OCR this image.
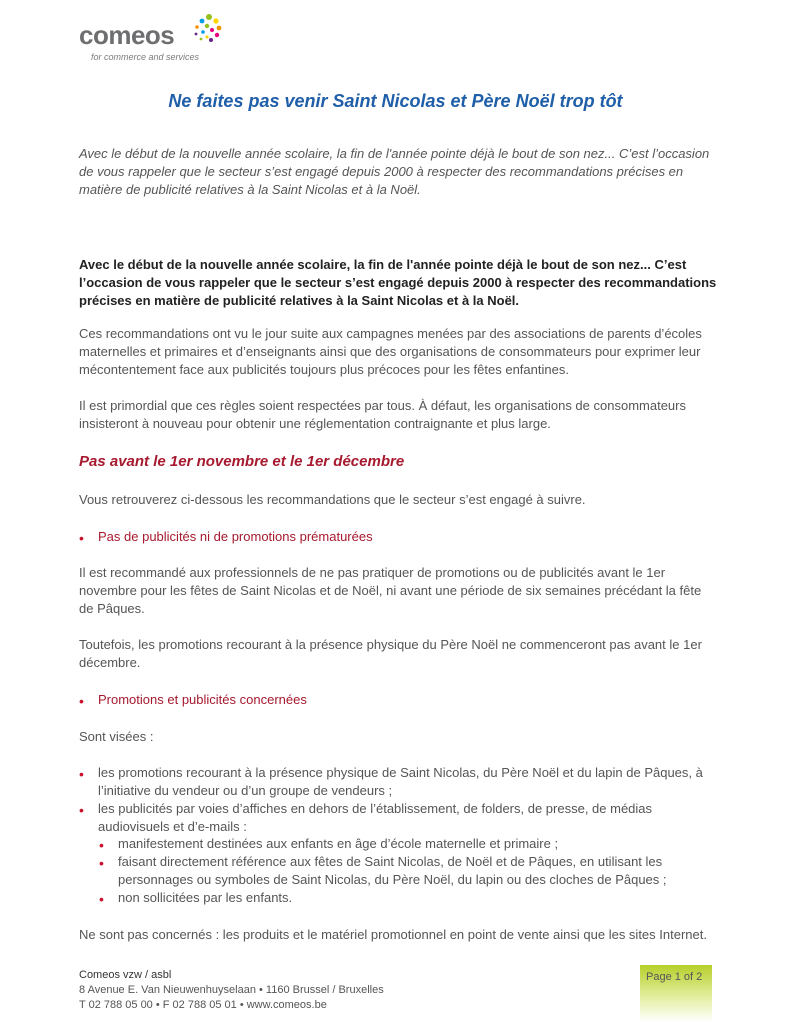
comeos
for commerce and services
Ne faites pas venir Saint Nicolas et Père Noël trop tôt

Avec le début de la nouvelle année scolaire, la fin de l'année pointe déjà le bout de son nez... C’est l’occasion de vous rappeler que le secteur s’est engagé depuis 2000 à respecter des recommandations précises en matière de publicité relatives à la Saint Nicolas et à la Noël.

Avec le début de la nouvelle année scolaire, la fin de l'année pointe déjà le bout de son nez... C’est l’occasion de vous rappeler que le secteur s’est engagé depuis 2000 à respecter des recommandations précises en matière de publicité relatives à la Saint Nicolas et à la Noël.

Ces recommandations ont vu le jour suite aux campagnes menées par des associations de parents d’écoles maternelles et primaires et d’enseignants ainsi que des organisations de consommateurs pour exprimer leur mécontentement face aux publicités toujours plus précoces pour les fêtes enfantines.

Il est primordial que ces règles soient respectées par tous. À défaut, les organisations de consommateurs insisteront à nouveau pour obtenir une réglementation contraignante et plus large.

Pas avant le 1er novembre et le 1er décembre

Vous retrouverez ci-dessous les recommandations que le secteur s’est engagé à suivre.

• Pas de publicités ni de promotions prématurées

Il est recommandé aux professionnels de ne pas pratiquer de promotions ou de publicités avant le 1er novembre pour les fêtes de Saint Nicolas et de Noël, ni avant une période de six semaines précédant la fête de Pâques.

Toutefois, les promotions recourant à la présence physique du Père Noël ne commenceront pas avant le 1er décembre.

• Promotions et publicités concernées

Sont visées :

• les promotions recourant à la présence physique de Saint Nicolas, du Père Noël et du lapin de Pâques, à l’initiative du vendeur ou d’un groupe de vendeurs ;
• les publicités par voies d’affiches en dehors de l’établissement, de folders, de presse, de médias audiovisuels et d’e-mails :
• manifestement destinées aux enfants en âge d’école maternelle et primaire ;
• faisant directement référence aux fêtes de Saint Nicolas, de Noël et de Pâques, en utilisant les personnages ou symboles de Saint Nicolas, du Père Noël, du lapin ou des cloches de Pâques ;
• non sollicitées par les enfants.

Ne sont pas concernés : les produits et le matériel promotionnel en point de vente ainsi que les sites Internet.

Comeos vzw / asbl
8 Avenue E. Van Nieuwenhuyselaan • 1160 Brussel / Bruxelles
T 02 788 05 00 • F 02 788 05 01 • www.comeos.be
Page 1 of 2
